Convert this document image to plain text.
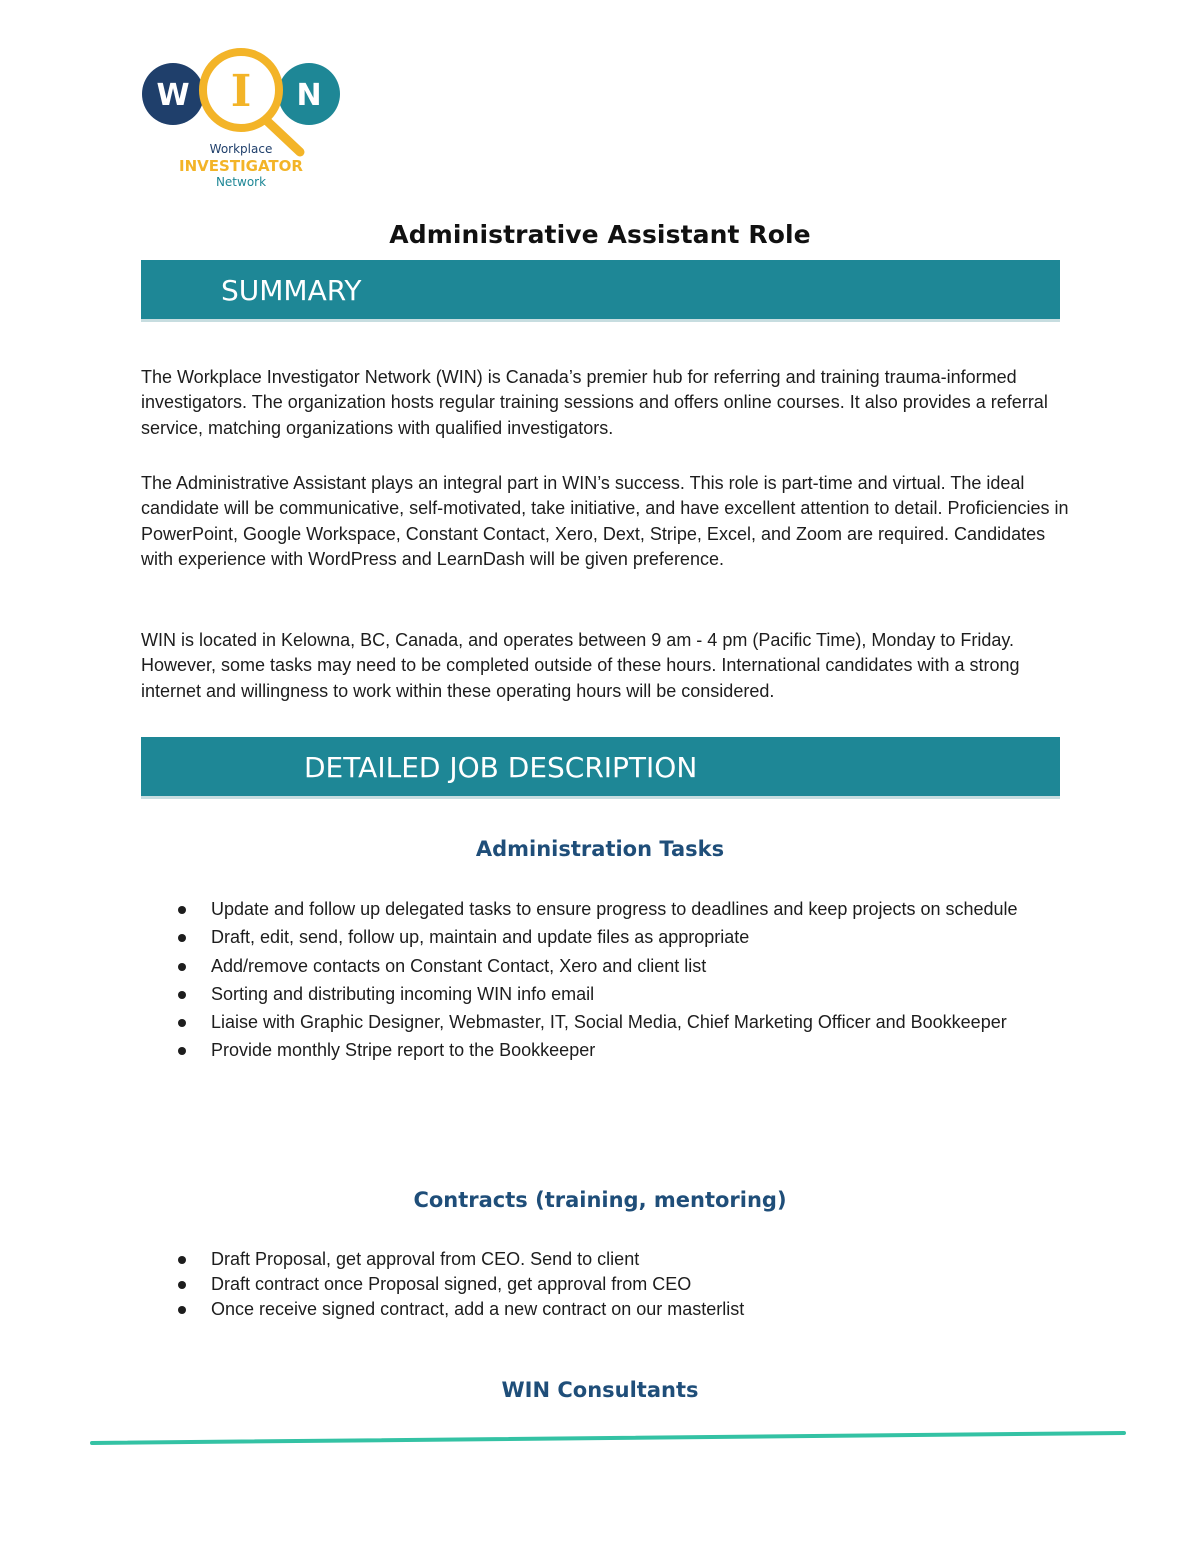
W I N
Workplace
INVESTIGATOR
Network
Administrative Assistant Role
SUMMARY

The Workplace Investigator Network (WIN) is Canada’s premier hub for referring and training trauma-informed investigators. The organization hosts regular training sessions and offers online courses. It also provides a referral service, matching organizations with qualified investigators.

The Administrative Assistant plays an integral part in WIN’s success. This role is part-time and virtual. The ideal candidate will be communicative, self-motivated, take initiative, and have excellent attention to detail. Proficiencies in PowerPoint, Google Workspace, Constant Contact, Xero, Dext, Stripe, Excel, and Zoom are required. Candidates with experience with WordPress and LearnDash will be given preference.

WIN is located in Kelowna, BC, Canada, and operates between 9 am - 4 pm (Pacific Time), Monday to Friday. However, some tasks may need to be completed outside of these hours. International candidates with a strong internet and willingness to work within these operating hours will be considered.

DETAILED JOB DESCRIPTION
Administration Tasks
Update and follow up delegated tasks to ensure progress to deadlines and keep projects on schedule
Draft, edit, send, follow up, maintain and update files as appropriate
Add/remove contacts on Constant Contact, Xero and client list
Sorting and distributing incoming WIN info email
Liaise with Graphic Designer, Webmaster, IT, Social Media, Chief Marketing Officer and Bookkeeper
Provide monthly Stripe report to the Bookkeeper
Contracts (training, mentoring)
Draft Proposal, get approval from CEO. Send to client
Draft contract once Proposal signed, get approval from CEO
Once receive signed contract, add a new contract on our masterlist
WIN Consultants
